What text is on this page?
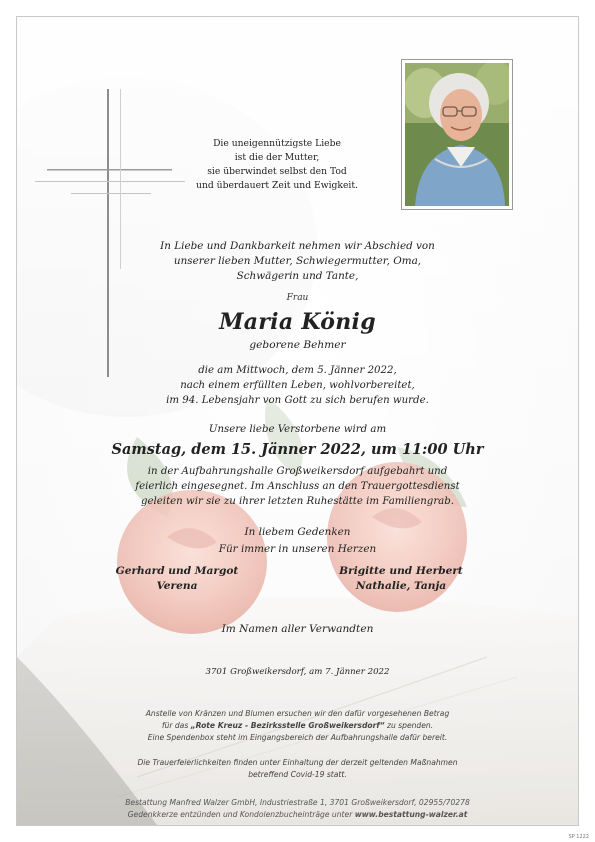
Die uneigennützigste Liebe
ist die der Mutter,
sie überwindet selbst den Tod
und überdauert Zeit und Ewigkeit.
In Liebe und Dankbarkeit nehmen wir Abschied von
unserer lieben Mutter, Schwiegermutter, Oma,
Schwägerin und Tante,
Frau
Maria König
geborene Behmer
die am Mittwoch, dem 5. Jänner 2022,
nach einem erfüllten Leben, wohlvorbereitet,
im 94. Lebensjahr von Gott zu sich berufen wurde.
Unsere liebe Verstorbene wird am
Samstag, dem 15. Jänner 2022, um 11:00 Uhr
in der Aufbahrungshalle Großweikersdorf aufgebahrt und
feierlich eingesegnet. Im Anschluss an den Trauergottesdienst
geleiten wir sie zu ihrer letzten Ruhestätte im Familiengrab.
In liebem Gedenken
Für immer in unseren Herzen
Gerhard und Margot
Verena
Brigitte und Herbert
Nathalie, Tanja
Im Namen aller Verwandten
3701 Großweikersdorf, am 7. Jänner 2022
Anstelle von Kränzen und Blumen ersuchen wir den dafür vorgesehenen Betrag
für das „Rote Kreuz - Bezirksstelle Großweikersdorf“ zu spenden.
Eine Spendenbox steht im Eingangsbereich der Aufbahrungshalle dafür bereit.
Die Trauerfeierlichkeiten finden unter Einhaltung der derzeit geltenden Maßnahmen
betreffend Covid-19 statt.
Bestattung Manfred Walzer GmbH, Industriestraße 1, 3701 Großweikersdorf, 02955/70278
Gedenkkerze entzünden und Kondolenzbucheinträge unter www.bestattung-walzer.at
SP 1222
